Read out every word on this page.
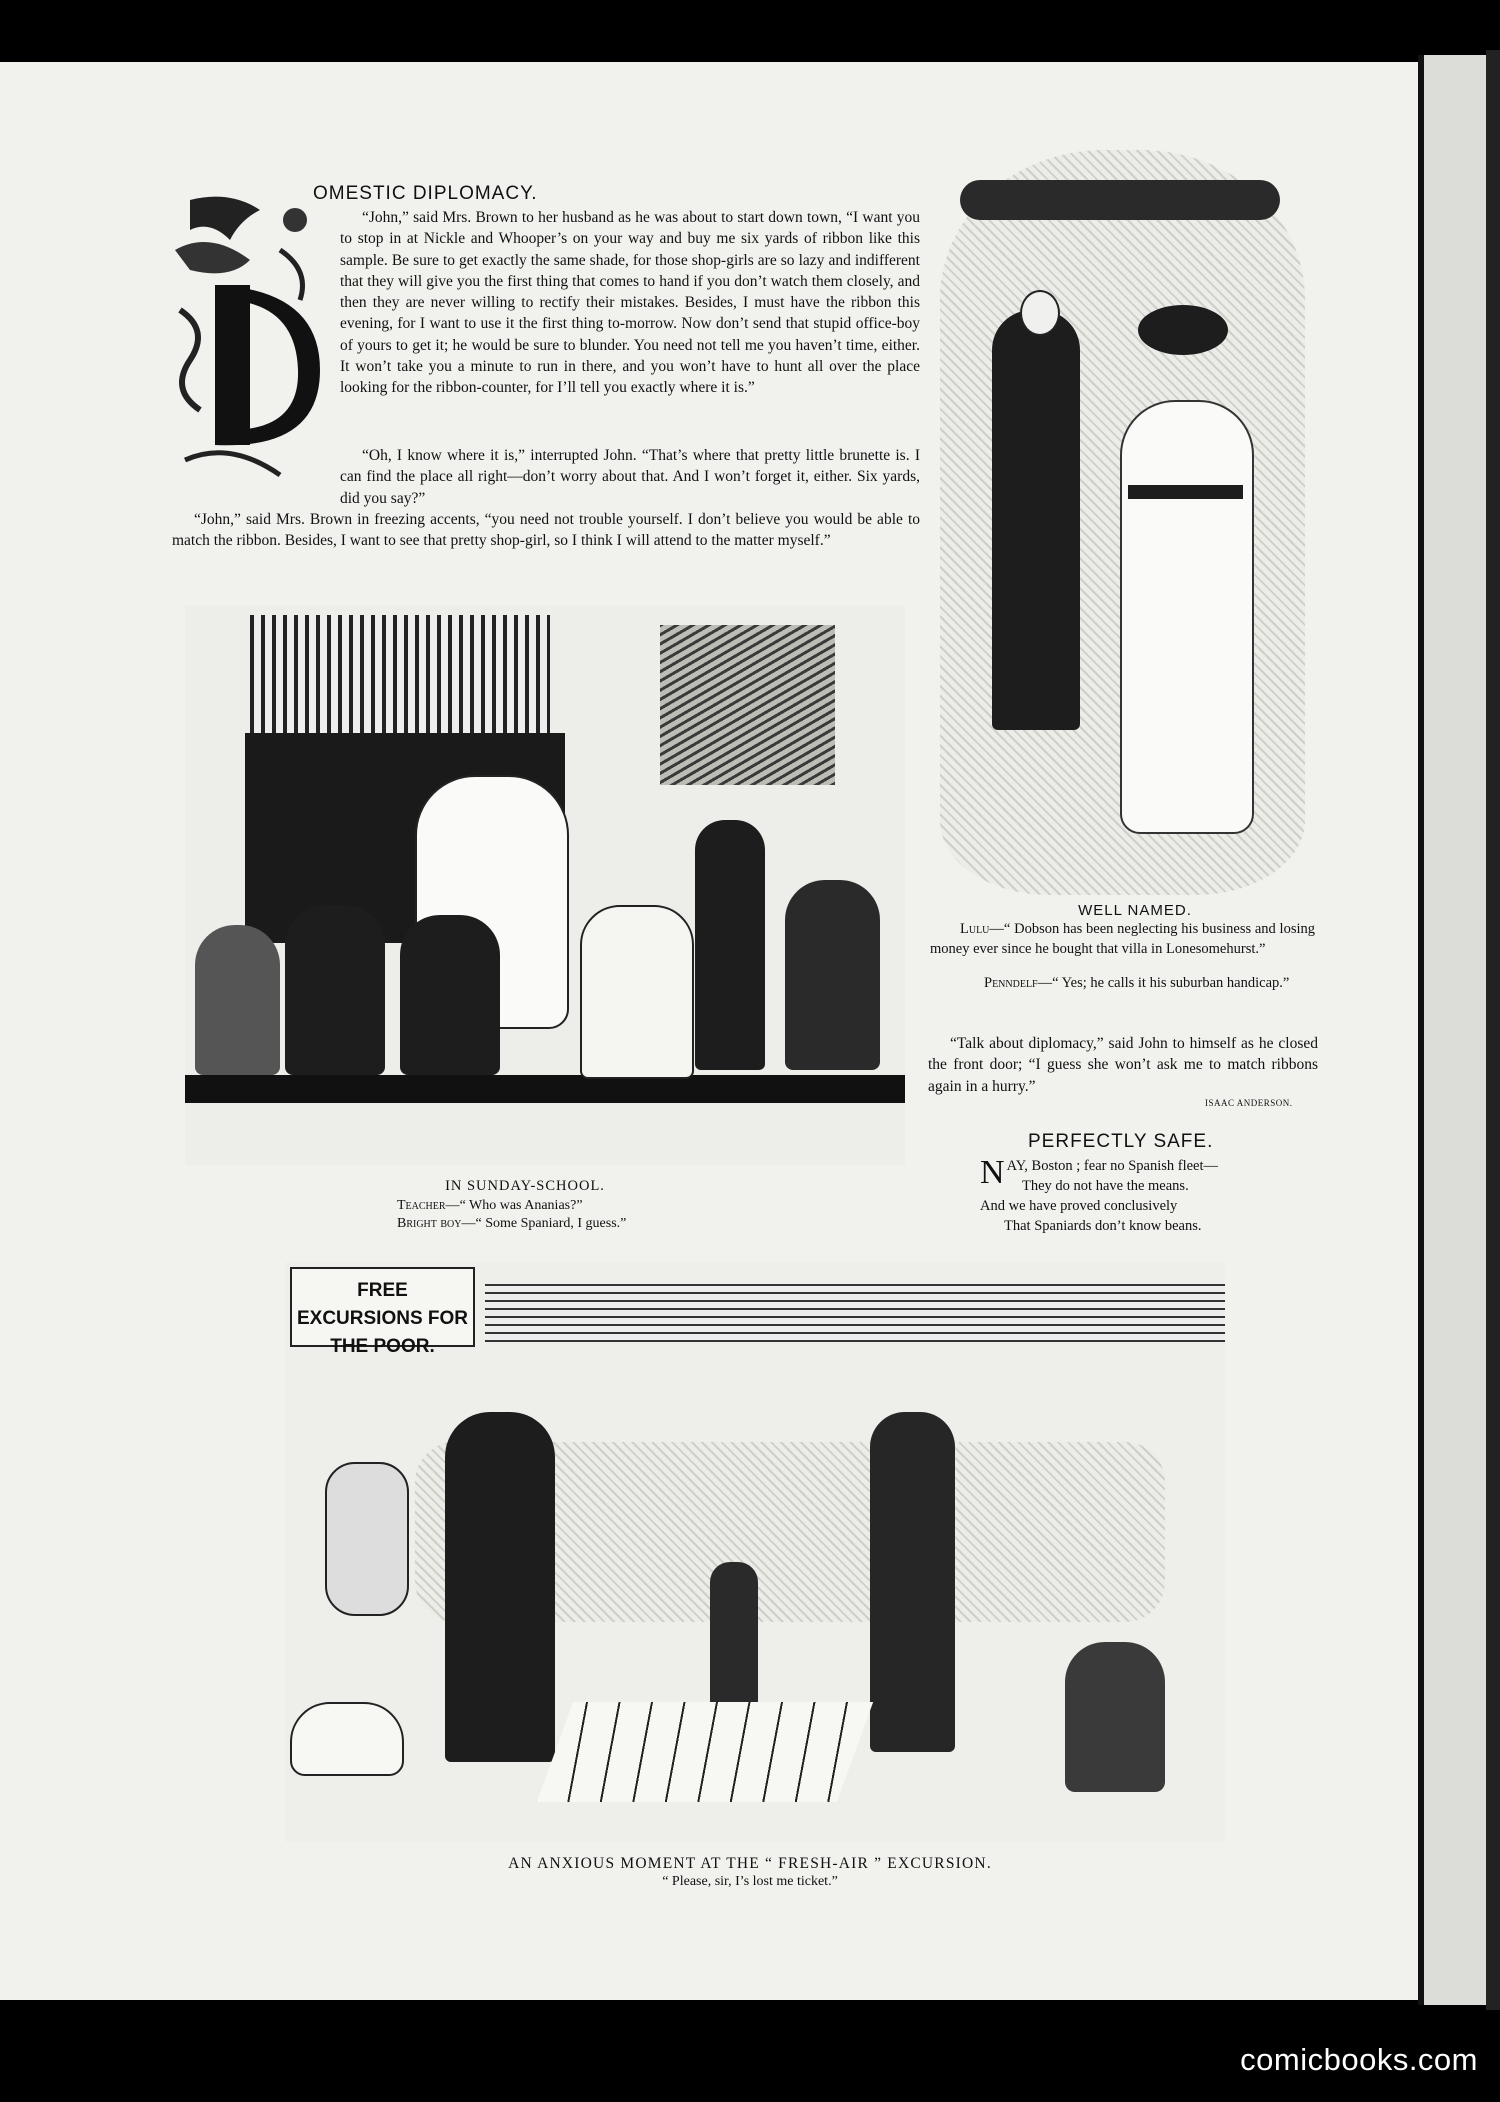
OMESTIC DIPLOMACY.
“John,” said Mrs. Brown to her husband as he was about to start down town, “I want you to stop in at Nickle and Whooper’s on your way and buy me six yards of ribbon like this sample. Be sure to get exactly the same shade, for those shop-girls are so lazy and indifferent that they will give you the first thing that comes to hand if you don’t watch them closely, and then they are never willing to rectify their mistakes. Besides, I must have the ribbon this evening, for I want to use it the first thing to-morrow. Now don’t send that stupid office-boy of yours to get it; he would be sure to blunder. You need not tell me you haven’t time, either. It won’t take you a minute to run in there, and you won’t have to hunt all over the place looking for the ribbon-counter, for I’ll tell you exactly where it is.”
“Oh, I know where it is,” interrupted John. “That’s where that pretty little brunette is. I can find the place all right—don’t worry about that. And I won’t forget it, either. Six yards, did you say?”
“John,” said Mrs. Brown in freezing accents, “you need not trouble yourself. I don’t believe you would be able to match the ribbon. Besides, I want to see that pretty shop-girl, so I think I will attend to the matter myself.”
WELL NAMED.
Lulu—“ Dobson has been neglecting his business and losing money ever since he bought that villa in Lonesomehurst.”
Penndelf—“ Yes; he calls it his suburban handicap.”
“Talk about diplomacy,” said John to himself as he closed the front door; “I guess she won’t ask me to match ribbons again in a hurry.”
ISAAC ANDERSON.
IN SUNDAY-SCHOOL.
Teacher—“ Who was Ananias?”
Bright boy—“ Some Spaniard, I guess.”
PERFECTLY SAFE.
N AY, Boston ; fear no Spanish fleet—
They do not have the means.
And we have proved conclusively
That Spaniards don’t know beans.
FREE EXCURSIONS FOR THE POOR.
AN ANXIOUS MOMENT AT THE “ FRESH-AIR ” EXCURSION.
“ Please, sir, I’s lost me ticket.”
comicbooks.com
